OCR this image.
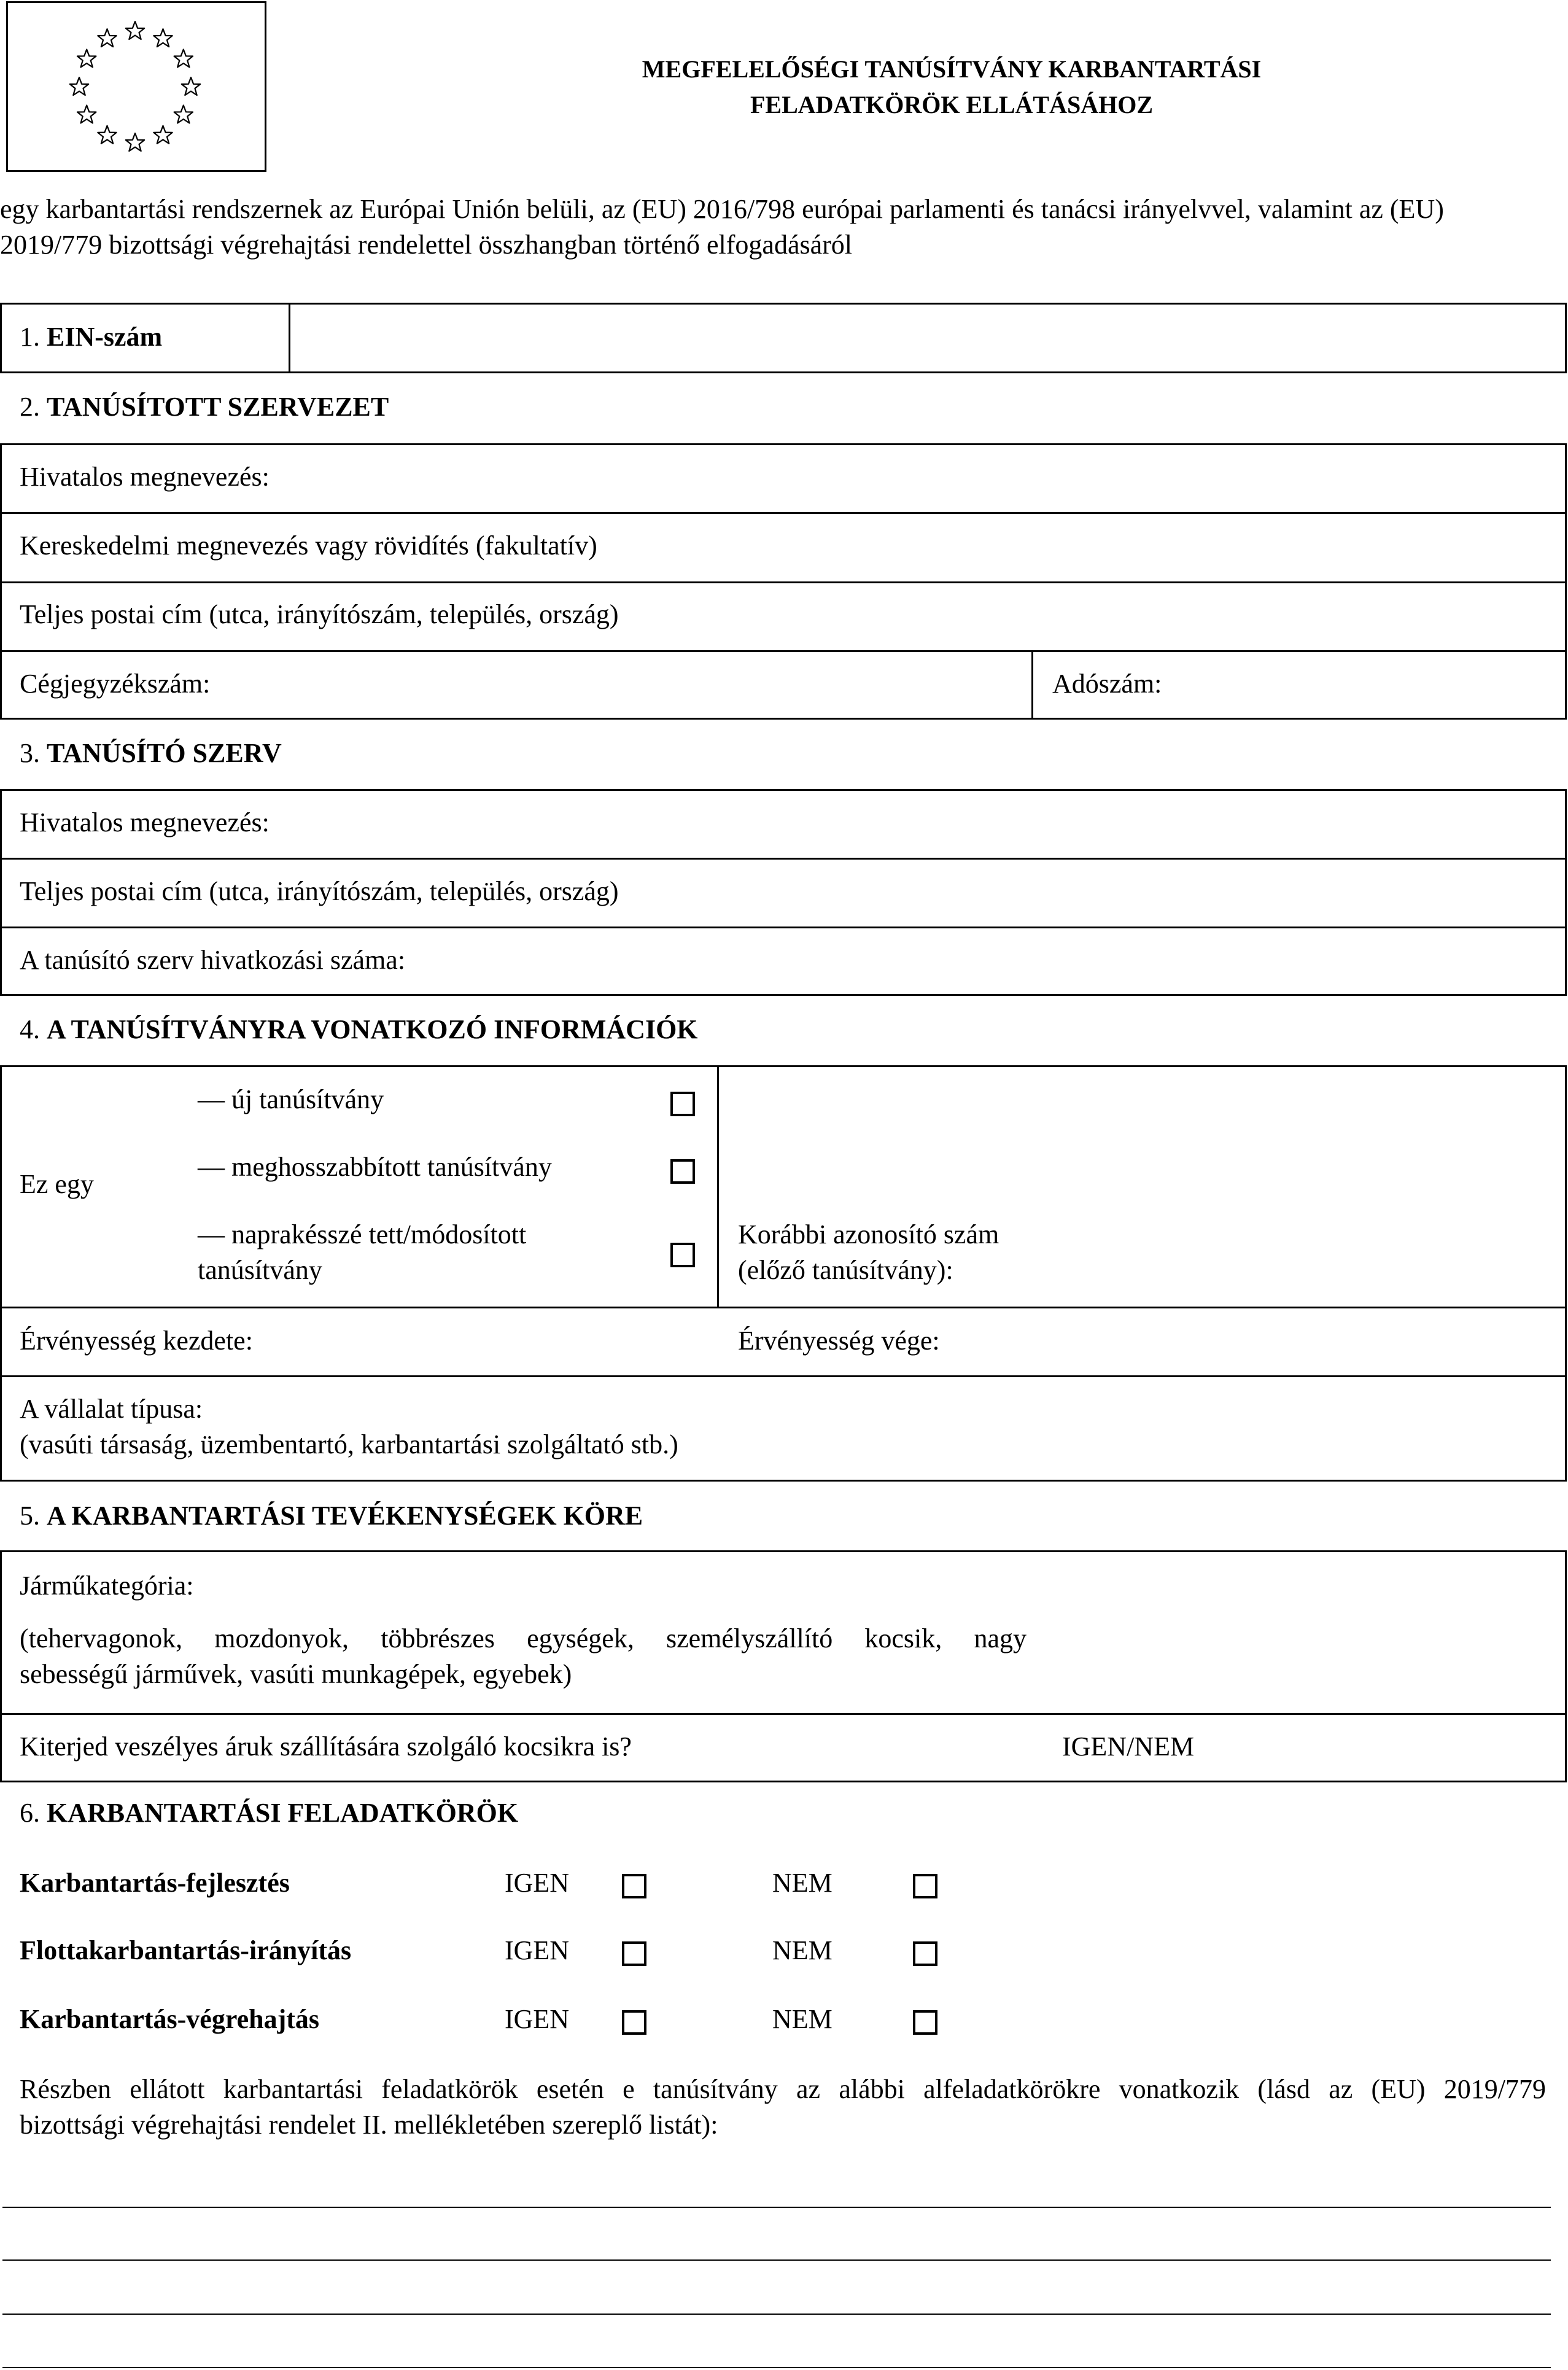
MEGFELELŐSÉGI TANÚSÍTVÁNY KARBANTARTÁSI
FELADATKÖRÖK ELLÁTÁSÁHOZ
egy karbantartási rendszernek az Európai Unión belüli, az (EU) 2016/798 európai parlamenti és tanácsi irányelvvel, valamint az (EU)
2019/779 bizottsági végrehajtási rendelettel összhangban történő elfogadásáról
1. EIN-szám
2. TANÚSÍTOTT SZERVEZET
Hivatalos megnevezés:
Kereskedelmi megnevezés vagy rövidítés (fakultatív)
Teljes postai cím (utca, irányítószám, település, ország)
Cégjegyzékszám:	Adószám:
3. TANÚSÍTÓ SZERV
Hivatalos megnevezés:
Teljes postai cím (utca, irányítószám, település, ország)
A tanúsító szerv hivatkozási száma:
4. A TANÚSÍTVÁNYRA VONATKOZÓ INFORMÁCIÓK
Ez egy
— új tanúsítvány
— meghosszabbított tanúsítvány
— naprakésszé tett/módosított
tanúsítvány
Korábbi azonosító szám
(előző tanúsítvány):
Érvényesség kezdete:	Érvényesség vége:
A vállalat típusa:
(vasúti társaság, üzembentartó, karbantartási szolgáltató stb.)
5. A KARBANTARTÁSI TEVÉKENYSÉGEK KÖRE
Járműkategória:
(tehervagonok, mozdonyok, többrészes egységek, személyszállító kocsik, nagy
sebességű járművek, vasúti munkagépek, egyebek)
Kiterjed veszélyes áruk szállítására szolgáló kocsikra is?	IGEN/NEM
6. KARBANTARTÁSI FELADATKÖRÖK
Karbantartás-fejlesztés	IGEN	NEM
Flottakarbantartás-irányítás	IGEN	NEM
Karbantartás-végrehajtás	IGEN	NEM
Részben ellátott karbantartási feladatkörök esetén e tanúsítvány az alábbi alfeladatkörökre vonatkozik (lásd az (EU) 2019/779
bizottsági végrehajtási rendelet II. mellékletében szereplő listát):
